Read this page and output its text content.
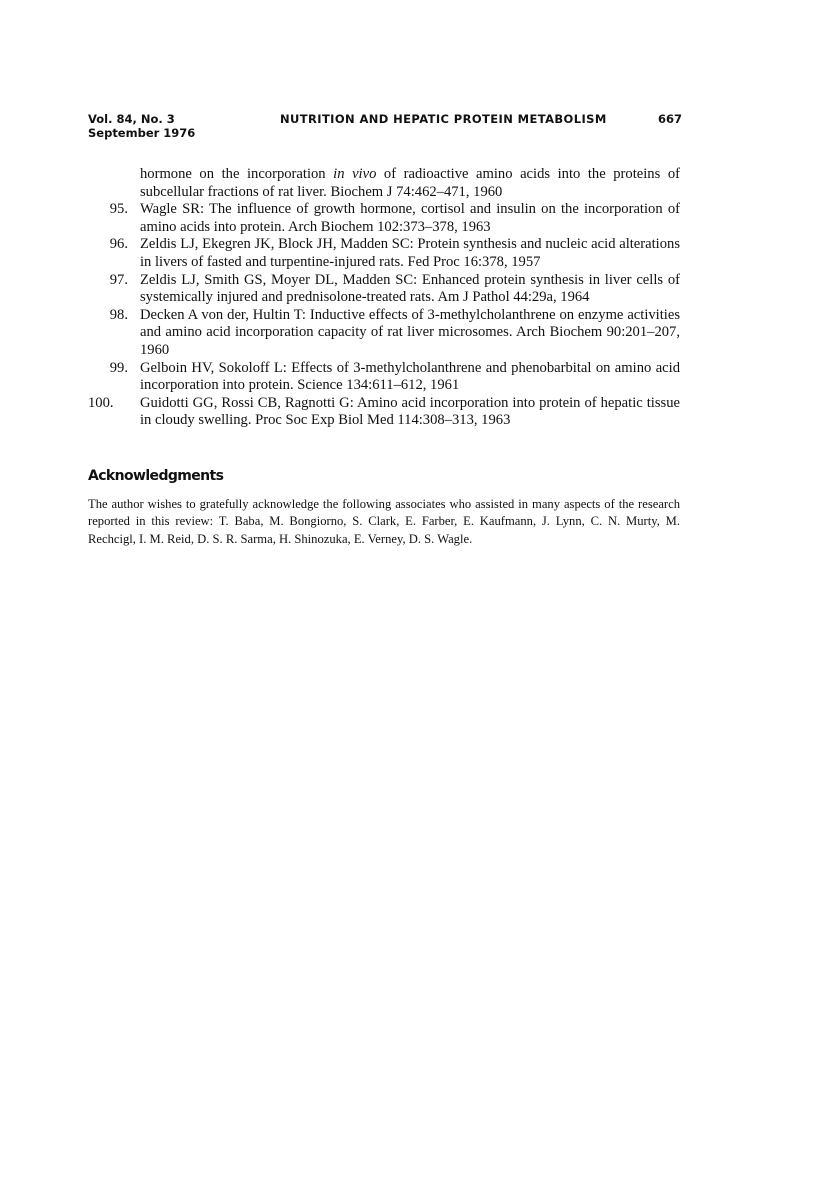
Vol. 84, No. 3
September 1976
NUTRITION AND HEPATIC PROTEIN METABOLISM	667
hormone on the incorporation in vivo of radioactive amino acids into the proteins of subcellular fractions of rat liver. Biochem J 74:462–471, 1960
95. Wagle SR: The influence of growth hormone, cortisol and insulin on the incorporation of amino acids into protein. Arch Biochem 102:373–378, 1963
96. Zeldis LJ, Ekegren JK, Block JH, Madden SC: Protein synthesis and nucleic acid alterations in livers of fasted and turpentine-injured rats. Fed Proc 16:378, 1957
97. Zeldis LJ, Smith GS, Moyer DL, Madden SC: Enhanced protein synthesis in liver cells of systemically injured and prednisolone-treated rats. Am J Pathol 44:29a, 1964
98. Decken A von der, Hultin T: Inductive effects of 3-methylcholanthrene on enzyme activities and amino acid incorporation capacity of rat liver microsomes. Arch Biochem 90:201–207, 1960
99. Gelboin HV, Sokoloff L: Effects of 3-methylcholanthrene and phenobarbital on amino acid incorporation into protein. Science 134:611–612, 1961
100.	Guidotti GG, Rossi CB, Ragnotti G: Amino acid incorporation into protein of hepatic tissue in cloudy swelling. Proc Soc Exp Biol Med 114:308–313, 1963
Acknowledgments
The author wishes to gratefully acknowledge the following associates who assisted in many aspects of the research reported in this review: T. Baba, M. Bongiorno, S. Clark, E. Farber, E. Kaufmann, J. Lynn, C. N. Murty, M. Rechcigl, I. M. Reid, D. S. R. Sarma, H. Shinozuka, E. Verney, D. S. Wagle.
